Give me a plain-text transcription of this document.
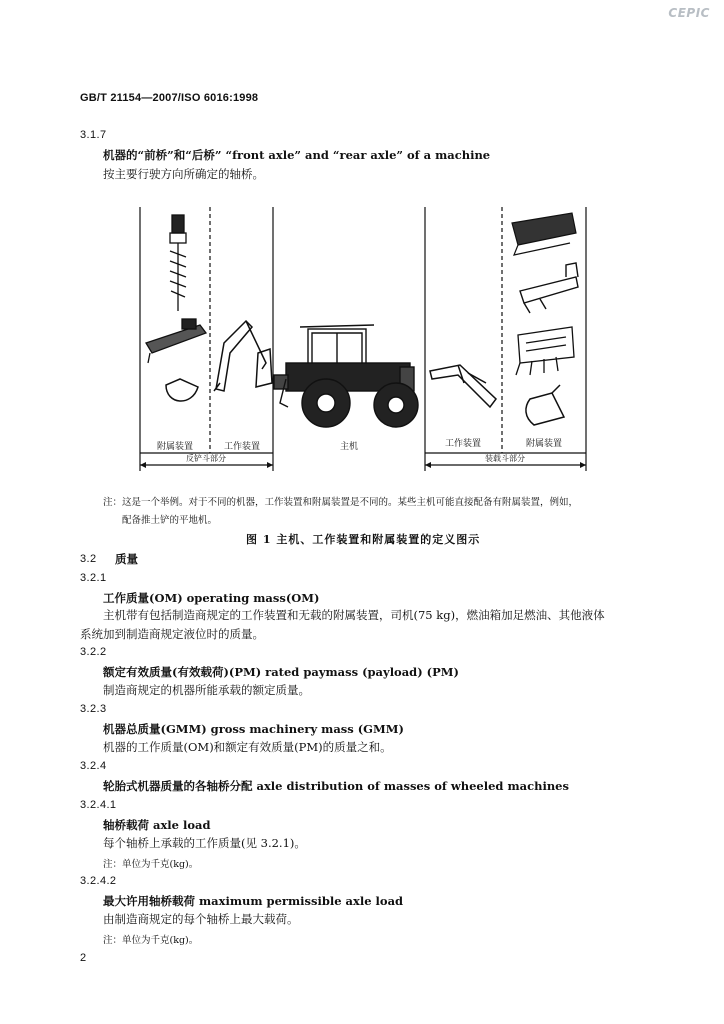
CEPIC
GB/T 21154—2007/ISO 6016:1998
3.1.7
机器的“前桥”和“后桥” “front axle” and “rear axle” of a machine
按主要行驶方向所确定的轴桥。
附属装置	工作装置	主机	工作装置	附属装置
反铲斗部分	装载斗部分
注：这是一个举例。对于不同的机器，工作装置和附属装置是不同的。某些主机可能直接配备有附属装置，例如，
配备推土铲的平地机。
图 1 主机、工作装置和附属装置的定义图示
3.2 质量
3.2.1
工作质量(OM) operating mass(OM)
主机带有包括制造商规定的工作装置和无载的附属装置，司机(75 kg)，燃油箱加足燃油、其他液体
系统加到制造商规定液位时的质量。
3.2.2
额定有效质量(有效载荷)(PM) rated paymass (payload) (PM)
制造商规定的机器所能承载的额定质量。
3.2.3
机器总质量(GMM) gross machinery mass (GMM)
机器的工作质量(OM)和额定有效质量(PM)的质量之和。
3.2.4
轮胎式机器质量的各轴桥分配 axle distribution of masses of wheeled machines
3.2.4.1
轴桥载荷 axle load
每个轴桥上承载的工作质量(见 3.2.1)。
注：单位为千克(kg)。
3.2.4.2
最大许用轴桥载荷 maximum permissible axle load
由制造商规定的每个轴桥上最大载荷。
注：单位为千克(kg)。
2
